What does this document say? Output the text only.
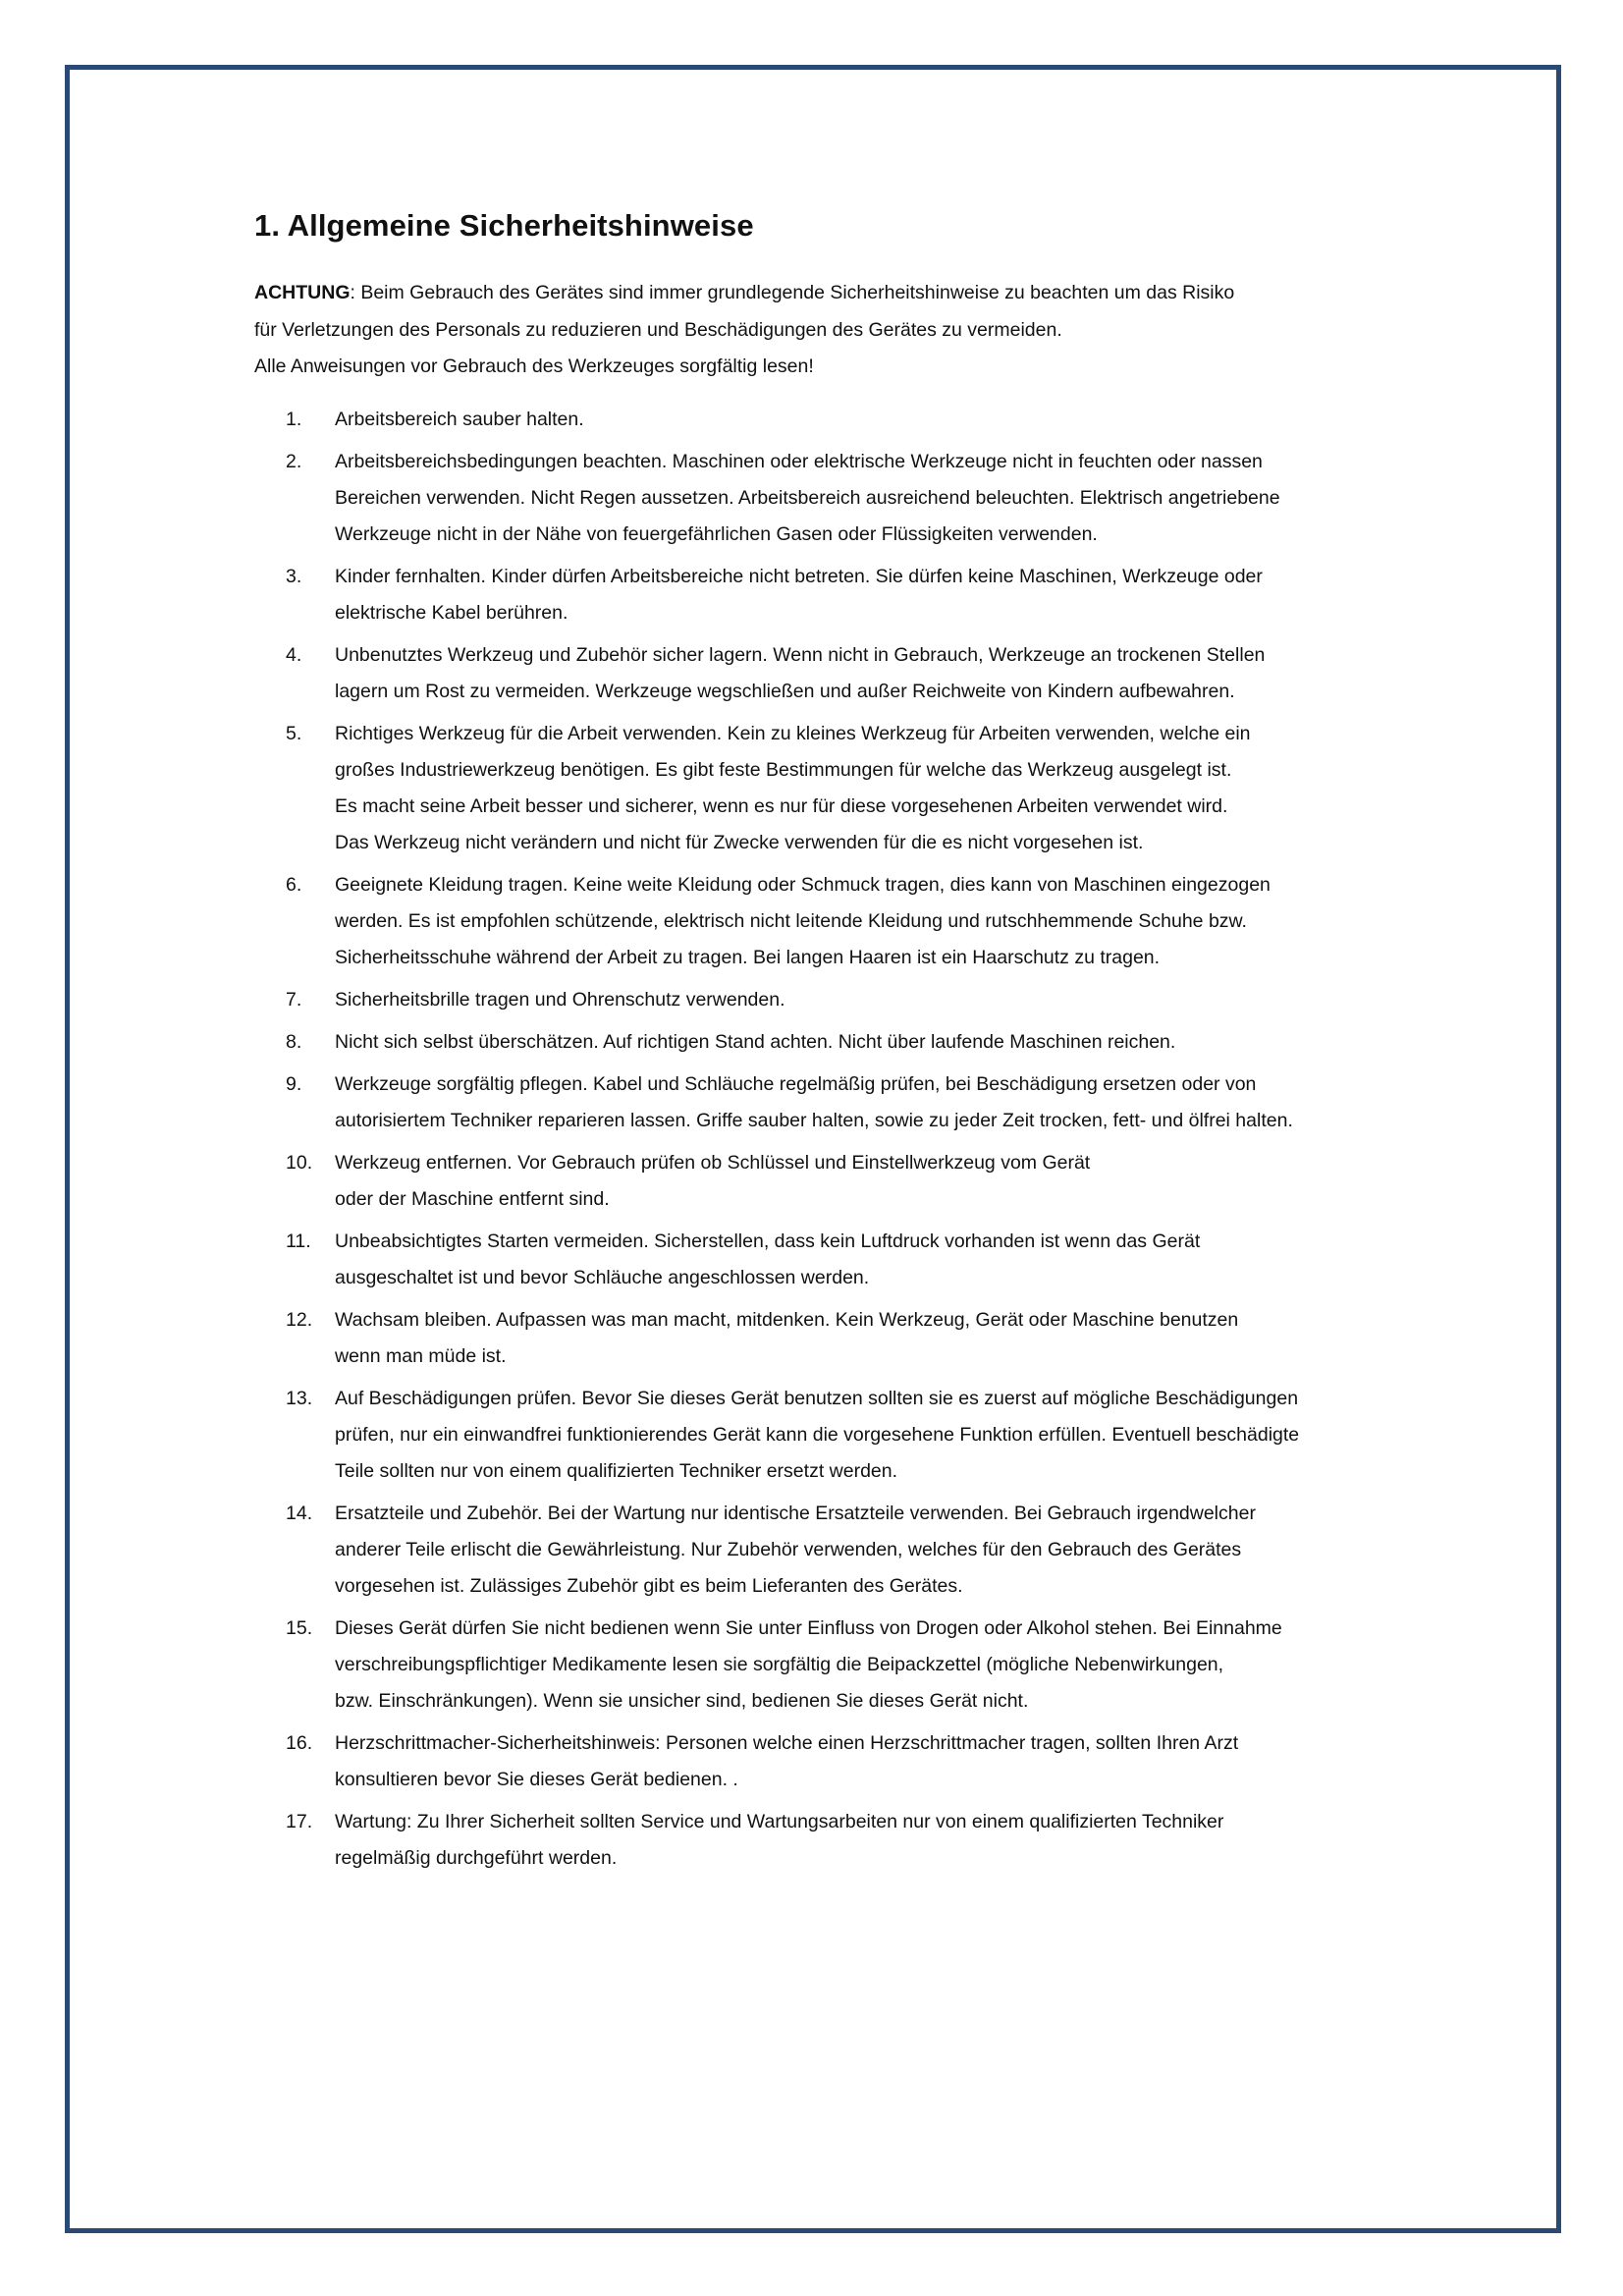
1. Allgemeine Sicherheitshinweise

ACHTUNG: Beim Gebrauch des Gerätes sind immer grundlegende Sicherheitshinweise zu beachten um das Risiko

für Verletzungen des Personals zu reduzieren und Beschädigungen des Gerätes zu vermeiden.

Alle Anweisungen vor Gebrauch des Werkzeuges sorgfältig lesen!

1. Arbeitsbereich sauber halten.
2. Arbeitsbereichsbedingungen beachten. Maschinen oder elektrische Werkzeuge nicht in feuchten oder nassen
Bereichen verwenden. Nicht Regen aussetzen. Arbeitsbereich ausreichend beleuchten. Elektrisch angetriebene
Werkzeuge nicht in der Nähe von feuergefährlichen Gasen oder Flüssigkeiten verwenden.
3. Kinder fernhalten. Kinder dürfen Arbeitsbereiche nicht betreten. Sie dürfen keine Maschinen, Werkzeuge oder
elektrische Kabel berühren.
4. Unbenutztes Werkzeug und Zubehör sicher lagern. Wenn nicht in Gebrauch, Werkzeuge an trockenen Stellen
lagern um Rost zu vermeiden. Werkzeuge wegschließen und außer Reichweite von Kindern aufbewahren.
5. Richtiges Werkzeug für die Arbeit verwenden. Kein zu kleines Werkzeug für Arbeiten verwenden, welche ein
großes Industriewerkzeug benötigen. Es gibt feste Bestimmungen für welche das Werkzeug ausgelegt ist.
Es macht seine Arbeit besser und sicherer, wenn es nur für diese vorgesehenen Arbeiten verwendet wird.
Das Werkzeug nicht verändern und nicht für Zwecke verwenden für die es nicht vorgesehen ist.
6. Geeignete Kleidung tragen. Keine weite Kleidung oder Schmuck tragen, dies kann von Maschinen eingezogen
werden. Es ist empfohlen schützende, elektrisch nicht leitende Kleidung und rutschhemmende Schuhe bzw.
Sicherheitsschuhe während der Arbeit zu tragen. Bei langen Haaren ist ein Haarschutz zu tragen.
7. Sicherheitsbrille tragen und Ohrenschutz verwenden.
8. Nicht sich selbst überschätzen. Auf richtigen Stand achten. Nicht über laufende Maschinen reichen.
9. Werkzeuge sorgfältig pflegen. Kabel und Schläuche regelmäßig prüfen, bei Beschädigung ersetzen oder von
autorisiertem Techniker reparieren lassen. Griffe sauber halten, sowie zu jeder Zeit trocken, fett- und ölfrei halten.
10. Werkzeug entfernen. Vor Gebrauch prüfen ob Schlüssel und Einstellwerkzeug vom Gerät
oder der Maschine entfernt sind.
11. Unbeabsichtigtes Starten vermeiden. Sicherstellen, dass kein Luftdruck vorhanden ist wenn das Gerät
ausgeschaltet ist und bevor Schläuche angeschlossen werden.
12. Wachsam bleiben. Aufpassen was man macht, mitdenken. Kein Werkzeug, Gerät oder Maschine benutzen
wenn man müde ist.
13. Auf Beschädigungen prüfen. Bevor Sie dieses Gerät benutzen sollten sie es zuerst auf mögliche Beschädigungen
prüfen, nur ein einwandfrei funktionierendes Gerät kann die vorgesehene Funktion erfüllen. Eventuell beschädigte
Teile sollten nur von einem qualifizierten Techniker ersetzt werden.
14. Ersatzteile und Zubehör. Bei der Wartung nur identische Ersatzteile verwenden. Bei Gebrauch irgendwelcher
anderer Teile erlischt die Gewährleistung. Nur Zubehör verwenden, welches für den Gebrauch des Gerätes
vorgesehen ist. Zulässiges Zubehör gibt es beim Lieferanten des Gerätes.
15. Dieses Gerät dürfen Sie nicht bedienen wenn Sie unter Einfluss von Drogen oder Alkohol stehen. Bei Einnahme
verschreibungspflichtiger Medikamente lesen sie sorgfältig die Beipackzettel (mögliche Nebenwirkungen,
bzw. Einschränkungen). Wenn sie unsicher sind, bedienen Sie dieses Gerät nicht.
16. Herzschrittmacher-Sicherheitshinweis: Personen welche einen Herzschrittmacher tragen, sollten Ihren Arzt
konsultieren bevor Sie dieses Gerät bedienen. .
17. Wartung: Zu Ihrer Sicherheit sollten Service und Wartungsarbeiten nur von einem qualifizierten Techniker
regelmäßig durchgeführt werden.
